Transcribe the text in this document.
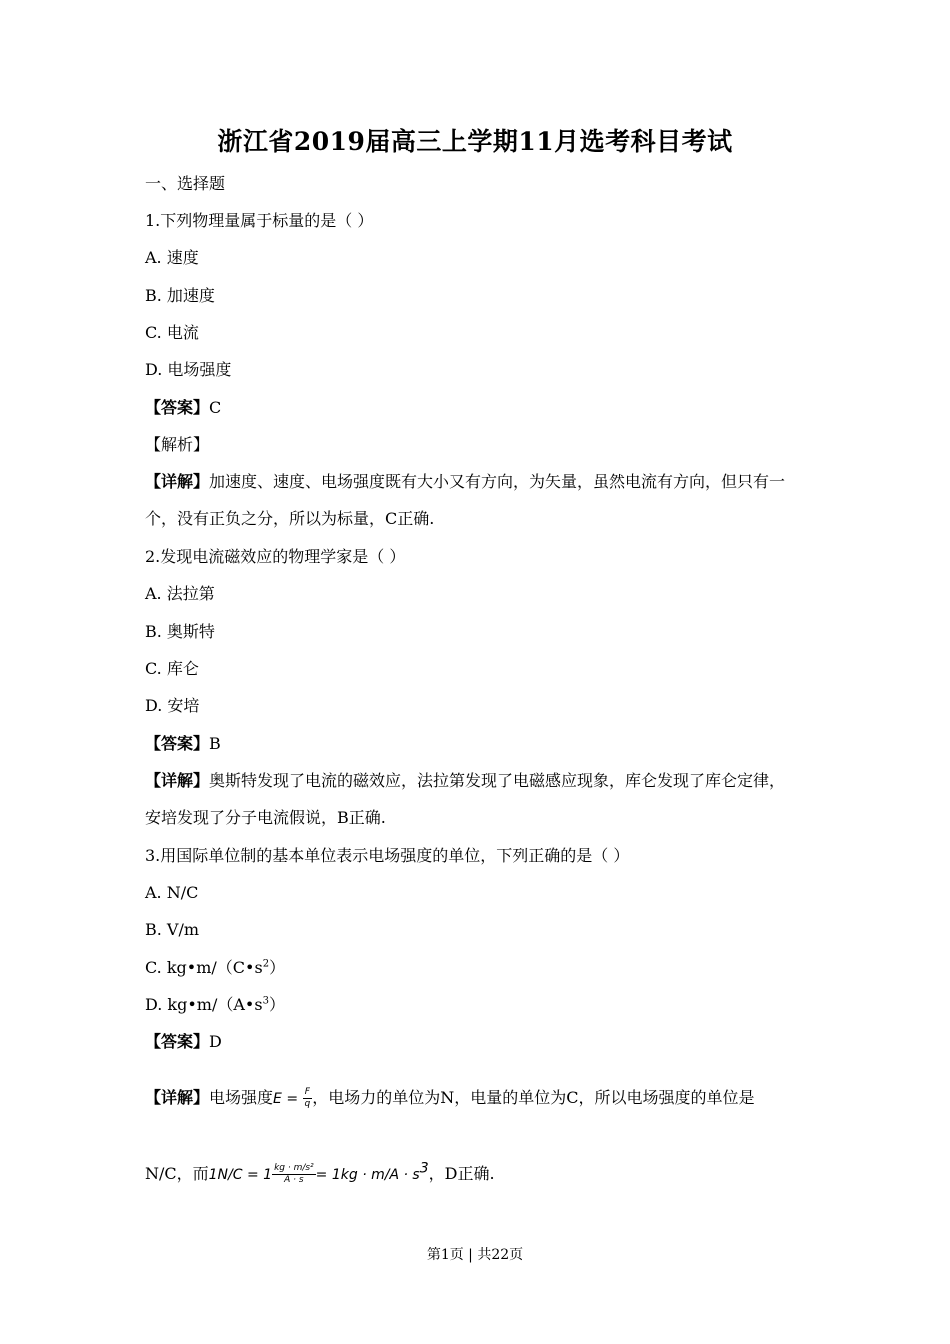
浙江省2019届高三上学期11月选考科目考试
一、选择题
1.下列物理量属于标量的是（ ）
A. 速度
B. 加速度
C. 电流
D. 电场强度
【答案】C
【解析】
【详解】加速度、速度、电场强度既有大小又有方向，为矢量，虽然电流有方向，但只有一
个，没有正负之分，所以为标量，C正确.
2.发现电流磁效应的物理学家是（ ）
A. 法拉第
B. 奥斯特
C. 库仑
D. 安培
【答案】B
【详解】奥斯特发现了电流的磁效应，法拉第发现了电磁感应现象，库仑发现了库仑定律，
安培发现了分子电流假说，B正确.
3.用国际单位制的基本单位表示电场强度的单位，下列正确的是（ ）
A. N/C
B. V/m
C. $kg•m/(C•s^2)$
D. $kg•m/(A•s^3)$
【答案】D
【详解】电场强度$E = \frac{F}{q}$ ，电场力的单位为N，电量的单位为C，所以电场强度的单位是
N/C，而$1N/C = 1 \frac{\text{kg · m/s²}}{A \cdot s} = 1kg \cdot m/A \cdot s^3$，D正确.
第1页 | 共22页
